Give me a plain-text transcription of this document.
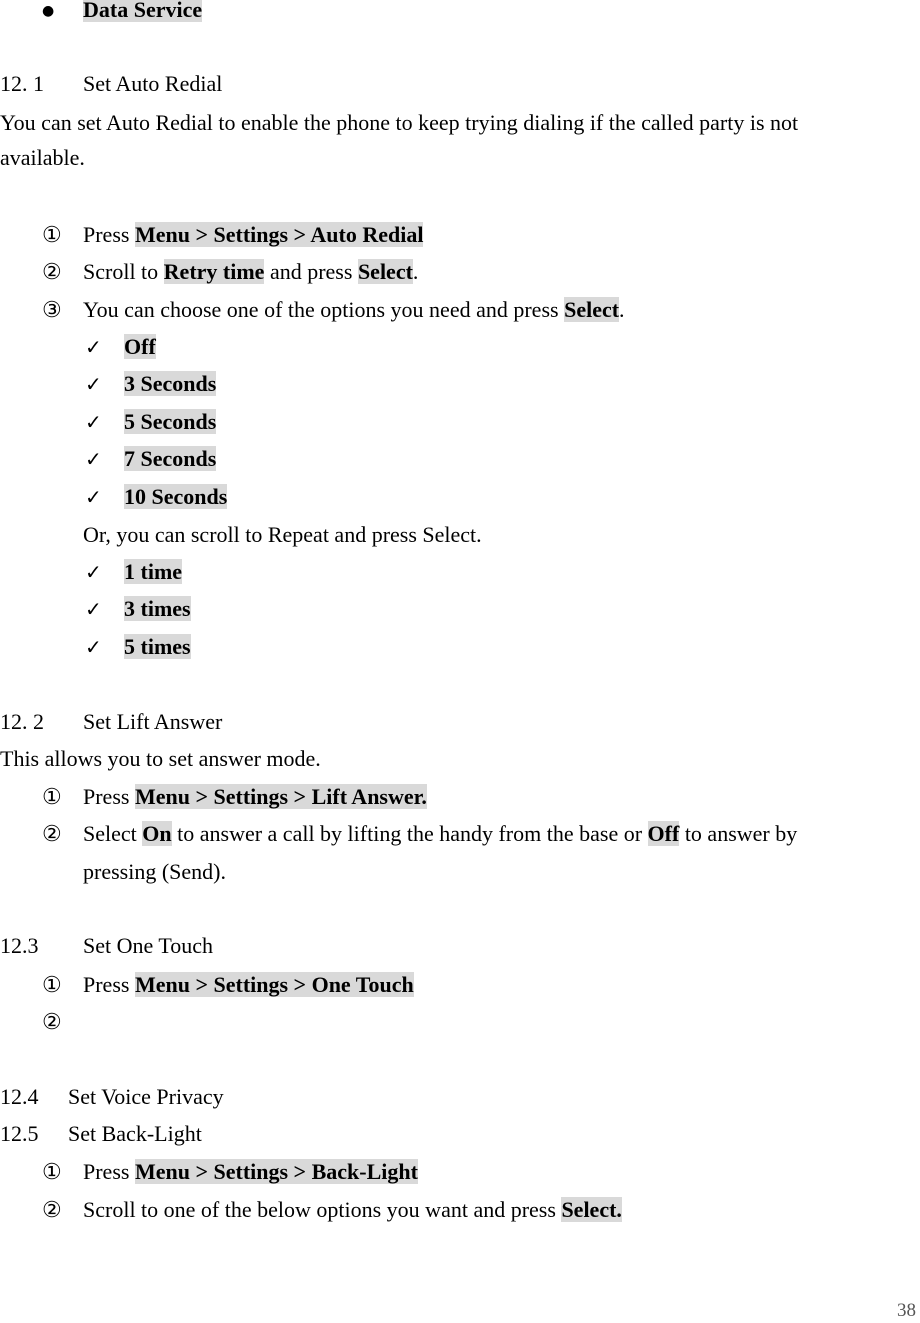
● Data Service
12. 1 Set Auto Redial
You can set Auto Redial to enable the phone to keep trying dialing if the called party is not
available.
① Press Menu > Settings > Auto Redial
② Scroll to Retry time and press Select.
③ You can choose one of the options you need and press Select.
✓ Off
✓ 3 Seconds
✓ 5 Seconds
✓ 7 Seconds
✓ 10 Seconds
Or, you can scroll to Repeat and press Select.
✓ 1 time
✓ 3 times
✓ 5 times
12. 2 Set Lift Answer
This allows you to set answer mode.
① Press Menu > Settings > Lift Answer.
② Select On to answer a call by lifting the handy from the base or Off to answer by
pressing (Send).
12.3 Set One Touch
① Press Menu > Settings > One Touch
②
12.4 Set Voice Privacy
12.5 Set Back-Light
① Press Menu > Settings > Back-Light
② Scroll to one of the below options you want and press Select.
38
